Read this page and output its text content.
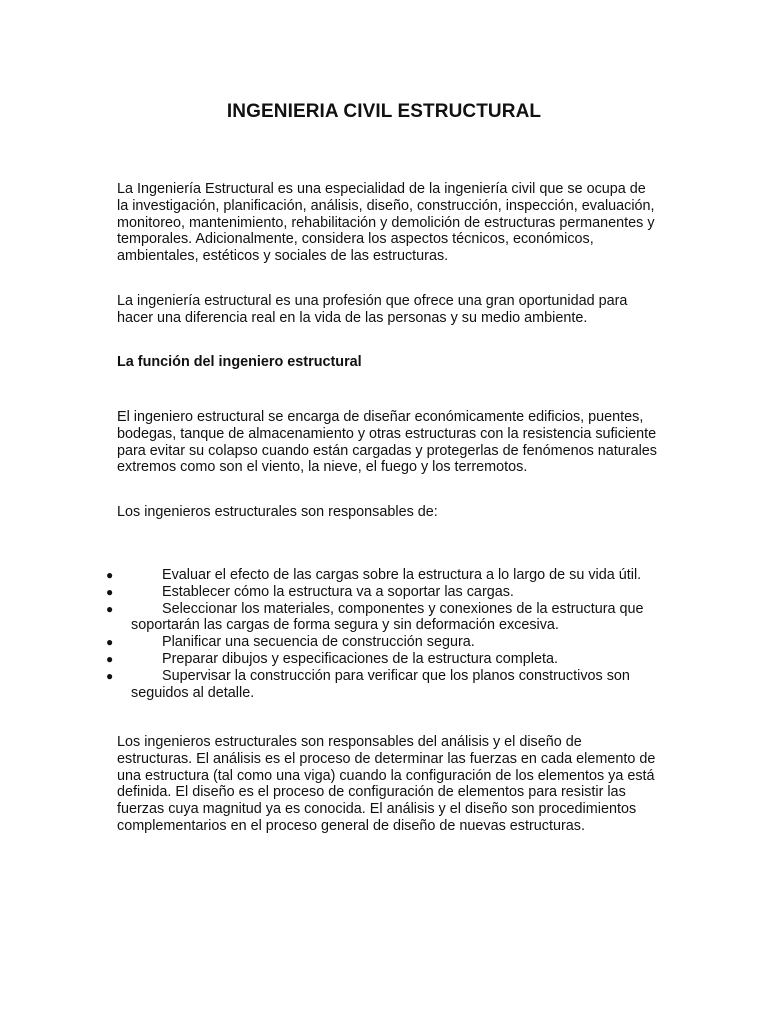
INGENIERIA CIVIL ESTRUCTURAL

La Ingeniería Estructural es una especialidad de la ingeniería civil que se ocupa de la investigación, planificación, análisis, diseño, construcción, inspección, evaluación, monitoreo, mantenimiento, rehabilitación y demolición de estructuras permanentes y temporales. Adicionalmente, considera los aspectos técnicos, económicos, ambientales, estéticos y sociales de las estructuras.

La ingeniería estructural es una profesión que ofrece una gran oportunidad para hacer una diferencia real en la vida de las personas y su medio ambiente.

La función del ingeniero estructural

El ingeniero estructural se encarga de diseñar económicamente edificios, puentes, bodegas, tanque de almacenamiento y otras estructuras con la resistencia suficiente para evitar su colapso cuando están cargadas y protegerlas de fenómenos naturales extremos como son el viento, la nieve, el fuego y los terremotos.

Los ingenieros estructurales son responsables de:

●	Evaluar el efecto de las cargas sobre la estructura a lo largo de su vida útil.
●	Establecer cómo la estructura va a soportar las cargas.
●	Seleccionar los materiales, componentes y conexiones de la estructura que soportarán las cargas de forma segura y sin deformación excesiva.
●	Planificar una secuencia de construcción segura.
●	Preparar dibujos y especificaciones de la estructura completa.
●	Supervisar la construcción para verificar que los planos constructivos son seguidos al detalle.

Los ingenieros estructurales son responsables del análisis y el diseño de estructuras. El análisis es el proceso de determinar las fuerzas en cada elemento de una estructura (tal como una viga) cuando la configuración de los elementos ya está definida. El diseño es el proceso de configuración de elementos para resistir las fuerzas cuya magnitud ya es conocida. El análisis y el diseño son procedimientos complementarios en el proceso general de diseño de nuevas estructuras.
